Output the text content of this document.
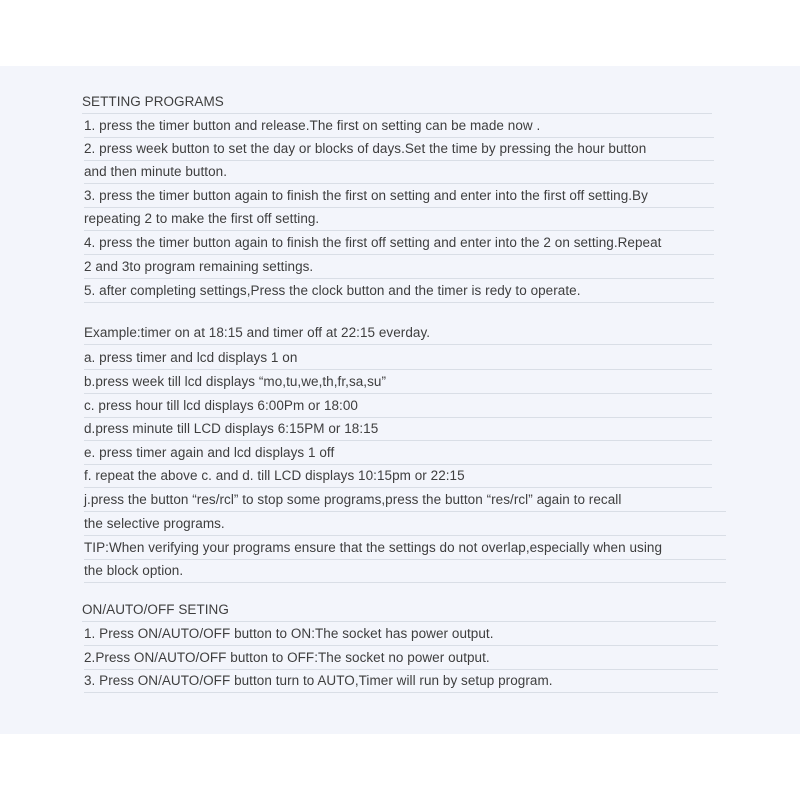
SETTING PROGRAMS
1. press the timer button and release.The first on setting can be made now .
2. press week button to set the day or blocks of days.Set the time by pressing the hour button
and then minute button.
3. press the timer button again to finish the first on setting and enter into the first off setting.By
repeating 2 to make the first off setting.
4. press the timer button again to finish the first off setting and enter into the 2 on setting.Repeat
2 and 3to program remaining settings.
5. after completing settings,Press the clock button and the timer is redy to operate.
Example:timer on at 18:15 and timer off at 22:15 everday.
a. press timer and lcd displays 1 on
b.press week till lcd displays “mo,tu,we,th,fr,sa,su”
c. press hour till lcd displays 6:00Pm or 18:00
d.press minute till LCD displays 6:15PM or 18:15
e. press timer again and lcd displays 1 off
f. repeat the above c. and d. till LCD displays 10:15pm or 22:15
j.press the button “res/rcl” to stop some programs,press the button “res/rcl” again to recall
the selective programs.
TIP:When verifying your programs ensure that the settings do not overlap,especially when using
the block option.
ON/AUTO/OFF SETING
1. Press ON/AUTO/OFF button to ON:The socket has power output.
2.Press ON/AUTO/OFF button to OFF:The socket no power output.
3. Press ON/AUTO/OFF button turn to AUTO,Timer will run by setup program.
